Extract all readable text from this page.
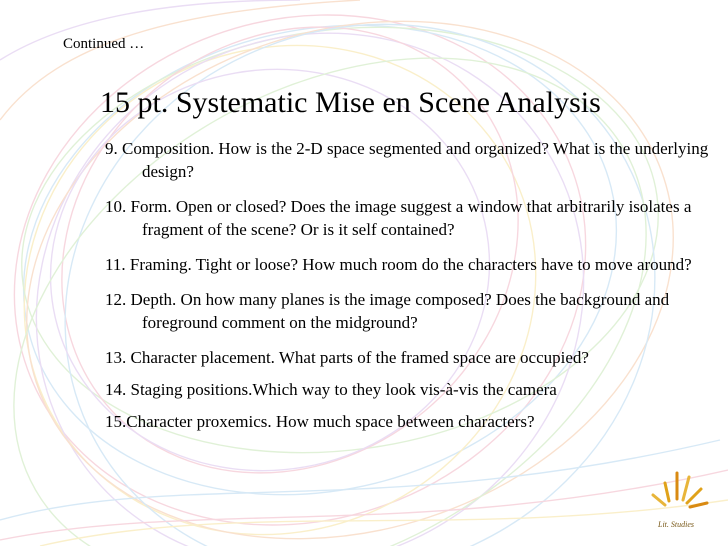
Continued …
15 pt. Systematic Mise en Scene Analysis
9. Composition. How is the 2-D space segmented and organized? What is the underlying design?
10. Form. Open or closed? Does the image suggest a window that arbitrarily isolates a fragment of the scene? Or is it self contained?
11. Framing. Tight or loose? How much room do the characters have to move around?
12. Depth. On how many planes is the image composed? Does the background and foreground comment on the midground?
13. Character placement. What parts of the framed space are occupied?
14. Staging positions.Which way to they look vis-à-vis the camera
15.Character proxemics. How much space between characters?
Lit. Studies
